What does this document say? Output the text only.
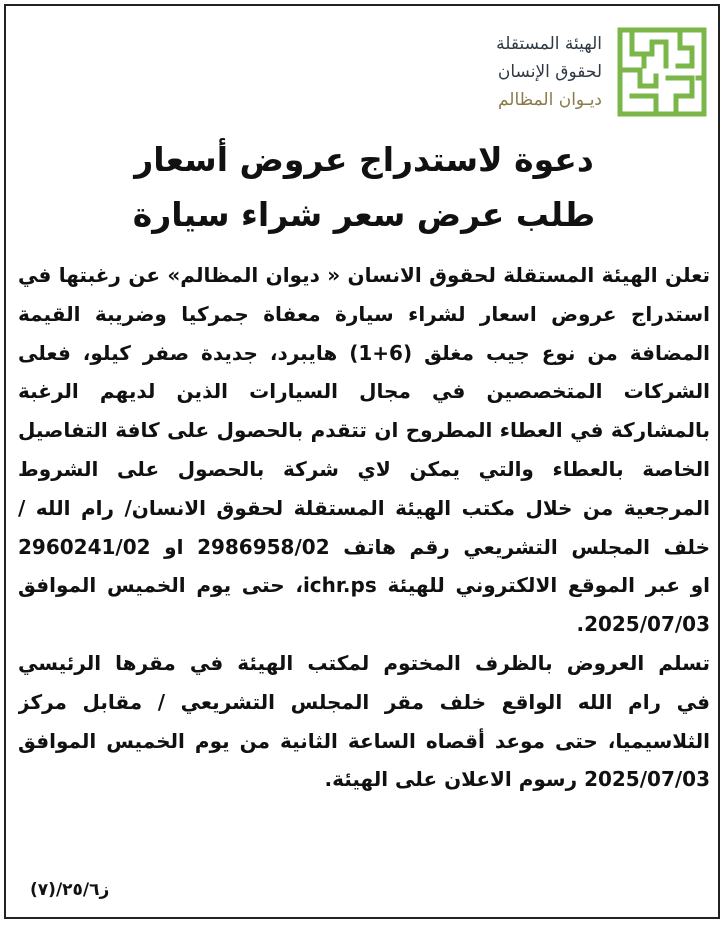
الهيئة المستقلة
لحقوق الإنسان
ديـوان المظالم
دعوة لاستدراج عروض أسعار
طلب عرض سعر شراء سيارة
تعلن الهيئة المستقلة لحقوق الانسان « ديوان المظالم» عن رغبتها في
استدراج عروض اسعار لشراء سيارة معفاة جمركيا وضريبة القيمة
المضافة من نوع جيب مغلق (6+1) هايبرد، جديدة صفر كيلو، فعلى
الشركات المتخصصين في مجال السيارات الذين لديهم الرغبة
بالمشاركة في العطاء المطروح ان تتقدم بالحصول على كافة التفاصيل
الخاصة بالعطاء والتي يمكن لاي شركة بالحصول على الشروط
المرجعية من خلال مكتب الهيئة المستقلة لحقوق الانسان/ رام الله /
خلف المجلس التشريعي رقم هاتف 2986958/02 او 2960241/02
او عبر الموقع الالكتروني للهيئة ichr.ps، حتى يوم الخميس الموافق
2025/07/03.
تسلم العروض بالظرف المختوم لمكتب الهيئة في مقرها الرئيسي
في رام الله الواقع خلف مقر المجلس التشريعي / مقابل مركز
الثلاسيميا، حتى موعد أقصاه الساعة الثانية من يوم الخميس الموافق
2025/07/03 رسوم الاعلان على الهيئة.
ز٢٥/٦/(٧)
